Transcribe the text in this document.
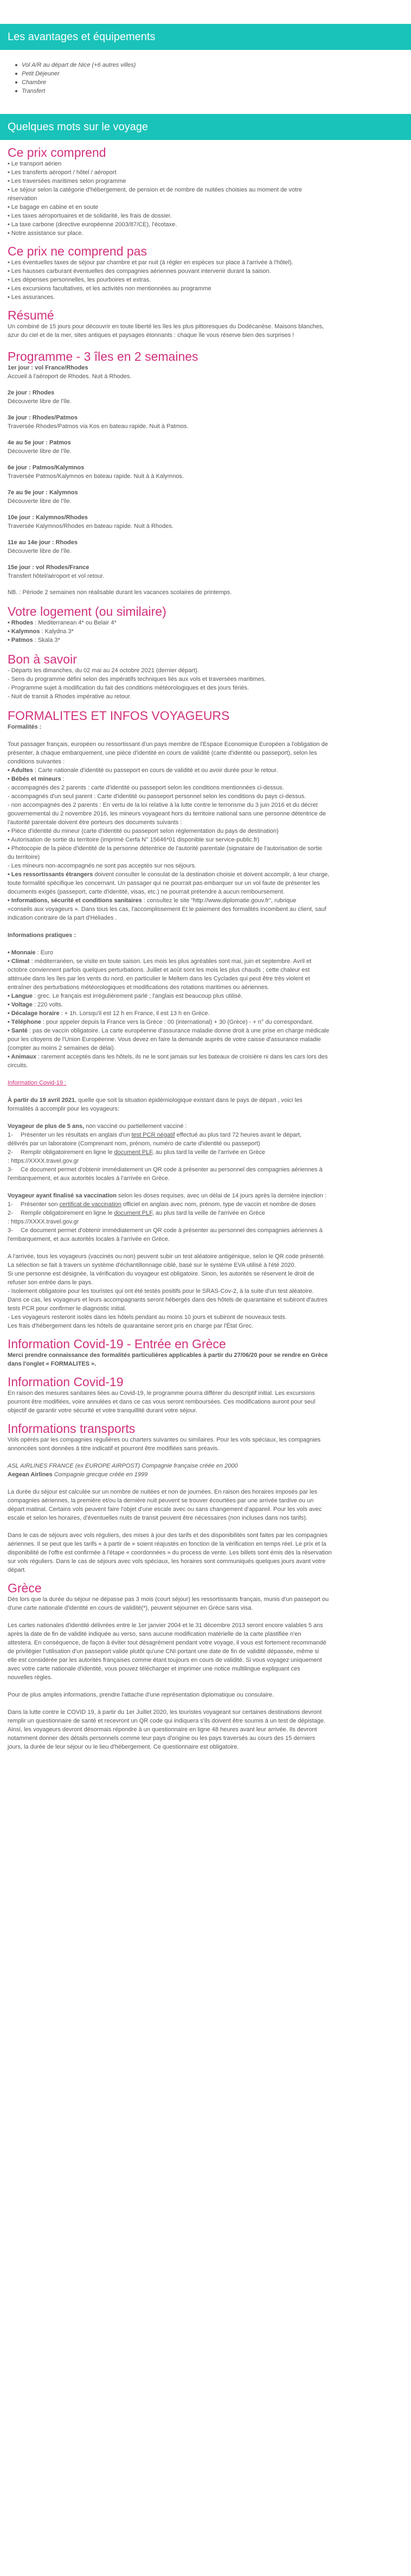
Les avantages et équipements
Vol A/R au départ de Nice (+6 autres villes)
Petit Déjeuner
Chambre
Transfert
Quelques mots sur le voyage
Ce prix comprend
• Le transport aérien
• Les transferts aéroport / hôtel / aéroport
• Les traversées maritimes selon programme
• Le séjour selon la catégorie d'hébergement, de pension et de nombre de nuitées choisies au moment de votre
réservation
• Le bagage en cabine et en soute
• Les taxes aéroportuaires et de solidarité, les frais de dossier.
• La taxe carbone (directive européenne 2003/87/CE), l'écotaxe.
• Notre assistance sur place.
Ce prix ne comprend pas
• Les éventuelles taxes de séjour par chambre et par nuit (à régler en espèces sur place à l'arrivée à l'hôtel).
• Les hausses carburant éventuelles des compagnies aériennes pouvant intervenir durant la saison.
• Les dépenses personnelles, les pourboires et extras.
• Les excursions facultatives, et les activités non mentionnées au programme
• Les assurances.
Résumé
Un combiné de 15 jours pour découvrir en toute liberté les îles les plus pittoresques du Dodécanèse. Maisons blanches,
azur du ciel et de la mer, sites antiques et paysages étonnants : chaque île vous réserve bien des surprises !
Programme - 3 îles en 2 semaines
1er jour : vol France/Rhodes
Accueil à l'aéroport de Rhodes. Nuit à Rhodes.
2e jour : Rhodes
Découverte libre de l'île.
3e jour : Rhodes/Patmos
Traversée Rhodes/Patmos via Kos en bateau rapide. Nuit à Patmos.
4e au 5e jour : Patmos
Découverte libre de l'île.
6e jour : Patmos/Kalymnos
Traversée Patmos/Kalymnos en bateau rapide. Nuit à à Kalymnos.
7e au 9e jour : Kalymnos
Découverte libre de l'île.
10e jour : Kalymnos/Rhodes
Traversée Kalymnos/Rhodes en bateau rapide. Nuit à Rhodes.
11e au 14e jour : Rhodes
Découverte libre de l'île.
15e jour : vol Rhodes/France
Transfert hôtel/aéroport et vol retour.
NB. : Période 2 semaines non réalisable durant les vacances scolaires de printemps.
Votre logement (ou similaire)
• Rhodes : Mediterranean 4* ou Belair 4*
• Kalymnos : Kalydna 3*
• Patmos : Skala 3*
Bon à savoir
- Départs les dimanches, du 02 mai au 24 octobre 2021 (dernier départ).
- Sens du programme défini selon des impératifs techniques liés aux vols et traversées maritimes.
- Programme sujet à modification du fait des conditions météorologiques et des jours fériés.
- Nuit de transit à Rhodes impérative au retour.
FORMALITES ET INFOS VOYAGEURS
Formalités :
Tout passager français, européen ou ressortissant d'un pays membre de l'Espace Economique Européen a l'obligation de
présenter, à chaque embarquement, une pièce d'identité en cours de validité (carte d'identité ou passeport), selon les
conditions suivantes :
• Adultes : Carte nationale d'identité ou passeport en cours de validité et ou avoir durée pour le retour.
• Bébés et mineurs :
- accompagnés des 2 parents : carte d'identité ou passeport selon les conditions mentionnées ci-dessus.
- accompagnés d'un seul parent : Carte d'identité ou passeport personnel selon les conditions du pays ci-dessus.
- non accompagnés des 2 parents : En vertu de la loi relative à la lutte contre le terrorisme du 3 juin 2016 et du décret
gouvernemental du 2 novembre 2016, les mineurs voyageant hors du territoire national sans une personne détentrice de
l'autorité parentale doivent être porteurs des documents suivants :
• Pièce d'identité du mineur (carte d'identité ou passeport selon réglementation du pays de destination)
• Autorisation de sortie du territoire (imprimé Cerfa N° 15646*01 disponible sur service-public.fr)
• Photocopie de la pièce d'identité de la personne détentrice de l'autorité parentale (signataire de l'autorisation de sortie
du territoire)
- Les mineurs non-accompagnés ne sont pas acceptés sur nos séjours.
• Les ressortissants étrangers doivent consulter le consulat de la destination choisie et doivent accomplir, à leur charge,
toute formalité spécifique les concernant. Un passager qui ne pourrait pas embarquer sur un vol faute de présenter les
documents exigés (passeport, carte d'identité, visas, etc.) ne pourrait prétendre à aucun remboursement.
• Informations, sécurité et conditions sanitaires : consultez le site "http://www.diplomatie.gouv.fr", rubrique
«conseils aux voyageurs ». Dans tous les cas, l'accomplissement Et le paiement des formalités incombent au client, sauf
indication contraire de la part d'Héliades .
Informations pratiques :
• Monnaie : Euro
• Climat : méditerranéen, se visite en toute saison. Les mois les plus agréables sont mai, juin et septembre. Avril et
octobre conviennent parfois quelques perturbations. Juillet et août sont les mois les plus chauds ; cette chaleur est
atténuée dans les îles par les vents du nord, en particulier le Meltem dans les Cyclades qui peut être très violent et
entraîner des perturbations météorologiques et modifications des rotations maritimes ou aériennes.
• Langue : grec. Le français est irrégulièrement parlé ; l'anglais est beaucoup plus utilisé.
• Voltage : 220 volts.
• Décalage horaire : + 1h. Lorsqu'il est 12 h en France, il est 13 h en Grèce.
• Téléphone : pour appeler depuis la France vers la Grèce : 00 (international) + 30 (Grèce) - + n° du correspondant.
• Santé : pas de vaccin obligatoire. La carte européenne d'assurance maladie donne droit à une prise en charge médicale
pour les citoyens de l'Union Européenne. Vous devez en faire la demande auprès de votre caisse d'assurance maladie
(compter au moins 2 semaines de délai).
• Animaux : rarement acceptés dans les hôtels, ils ne le sont jamais sur les bateaux de croisière ni dans les cars lors des
circuits.
Information Covid-19 :
À partir du 19 avril 2021, quelle que soit la situation épidémiologique existant dans le pays de départ , voici les
formalités à accomplir pour les voyageurs:
Voyageur de plus de 5 ans, non vacciné ou partiellement vacciné :
1- Présenter un les résultats en anglais d'un test PCR négatif effectué au plus tard 72 heures avant le départ,
délivrés par un laboratoire (Comprenant nom, prénom, numéro de carte d'identité ou passeport)
2- Remplir obligatoirement en ligne le document PLF, au plus tard la veille de l'arrivée en Grèce
: https://XXXX.travel.gov.gr
3- Ce document permet d'obtenir immédiatement un QR code à présenter au personnel des compagnies aériennes à
l'embarquement, et aux autorités locales à l'arrivée en Grèce.
Voyageur ayant finalisé sa vaccination selon les doses requises, avec un délai de 14 jours après la dernière injection :
1- Présenter son certificat de vaccination officiel en anglais avec nom, prénom, type de vaccin et nombre de doses
2- Remplir obligatoirement en ligne le document PLF, au plus tard la veille de l'arrivée en Grèce
: https://XXXX.travel.gov.gr
3- Ce document permet d'obtenir immédiatement un QR code à présenter au personnel des compagnies aériennes à
l'embarquement, et aux autorités locales à l'arrivée en Grèce.
A l'arrivée, tous les voyageurs (vaccinés ou non) peuvent subir un test aléatoire antigénique, selon le QR code présenté.
La sélection se fait à travers un système d'échantillonnage ciblé, basé sur le système EVA utilisé à l'été 2020.
Si une personne est désignée, la vérification du voyageur est obligatoire. Sinon, les autorités se réservent le droit de
refuser son entrée dans le pays.
- Isolement obligatoire pour les touristes qui ont été testés positifs pour le SRAS-Cov-2, à la suite d'un test aléatoire.
Dans ce cas, les voyageurs et leurs accompagnants seront hébergés dans des hôtels de quarantaine et subiront d'autres
tests PCR pour confirmer le diagnostic initial.
- Les voyageurs resteront isolés dans les hôtels pendant au moins 10 jours et subiront de nouveaux tests.
Les frais d'hébergement dans les hôtels de quarantaine seront pris en charge par l'État Grec.
Information Covid-19 - Entrée en Grèce
Merci prendre connaissance des formalités particulières applicables à partir du 27/06/20 pour se rendre en Grèce
dans l'onglet « FORMALITES ».
Information Covid-19
En raison des mesures sanitaires liées au Covid-19, le programme pourra différer du descriptif initial. Les excursions
pourront être modifiées, voire annulées et dans ce cas vous seront remboursées. Ces modifications auront pour seul
objectif de garantir votre sécurité et votre tranquillité durant votre séjour.
Informations transports
Vols opérés par les compagnies régulières ou charters suivantes ou similaires. Pour les vols spéciaux, les compagnies
annoncées sont données à titre indicatif et pourront être modifiées sans préavis.
ASL AIRLINES FRANCE (ex EUROPE AIRPOST) Compagnie française créée en 2000
Aegean Airlines Compagnie grecque créée en 1999
La durée du séjour est calculée sur un nombre de nuitées et non de journées. En raison des horaires imposés par les
compagnies aériennes, la première et/ou la dernière nuit peuvent se trouver écourtées par une arrivée tardive ou un
départ matinal. Certains vols peuvent faire l'objet d'une escale avec ou sans changement d'appareil. Pour les vols avec
escale et selon les horaires, d'éventuelles nuits de transit peuvent être nécessaires (non incluses dans nos tarifs).
Dans le cas de séjours avec vols réguliers, des mises à jour des tarifs et des disponibilités sont faites par les compagnies
aériennes. Il se peut que les tarifs « à partir de » soient réajustés en fonction de la vérification en temps réel. Le prix et la
disponibilité de l'offre est confirmée à l'étape « coordonnées » du process de vente. Les billets sont émis dès la réservation
sur vols réguliers. Dans le cas de séjours avec vols spéciaux, les horaires sont communiqués quelques jours avant votre
départ.
Grèce
Dès lors que la durée du séjour ne dépasse pas 3 mois (court séjour) les ressortissants français, munis d'un passeport ou
d'une carte nationale d'identité en cours de validité(*), peuvent séjourner en Grèce sans visa.
Les cartes nationales d'identité délivrées entre le 1er janvier 2004 et le 31 décembre 2013 seront encore valables 5 ans
après la date de fin de validité indiquée au verso, sans aucune modification matérielle de la carte plastifiée n'en
attestera. En conséquence, de façon à éviter tout désagrément pendant votre voyage, il vous est fortement recommandé
de privilégier l'utilisation d'un passeport valide plutôt qu'une CNI portant une date de fin de validité dépassée, même si
elle est considérée par les autorités françaises comme étant toujours en cours de validité. Si vous voyagez uniquement
avec votre carte nationale d'identité, vous pouvez télécharger et imprimer une notice multilingue expliquant ces
nouvelles règles.
Pour de plus amples informations, prendre l'attache d'une représentation diplomatique ou consulaire.
Dans la lutte contre le COVID 19, à partir du 1er Juillet 2020, les touristes voyageant sur certaines destinations devront
remplir un questionnaire de santé et recevront un QR code qui indiquera s'ils doivent être soumis à un test de dépistage.
Ainsi, les voyageurs devront désormais répondre à un questionnaire en ligne 48 heures avant leur arrivée. Ils devront
notamment donner des détails personnels comme leur pays d'origine ou les pays traversés au cours des 15 derniers
jours, la durée de leur séjour ou le lieu d'hébergement. Ce questionnaire est obligatoire.
